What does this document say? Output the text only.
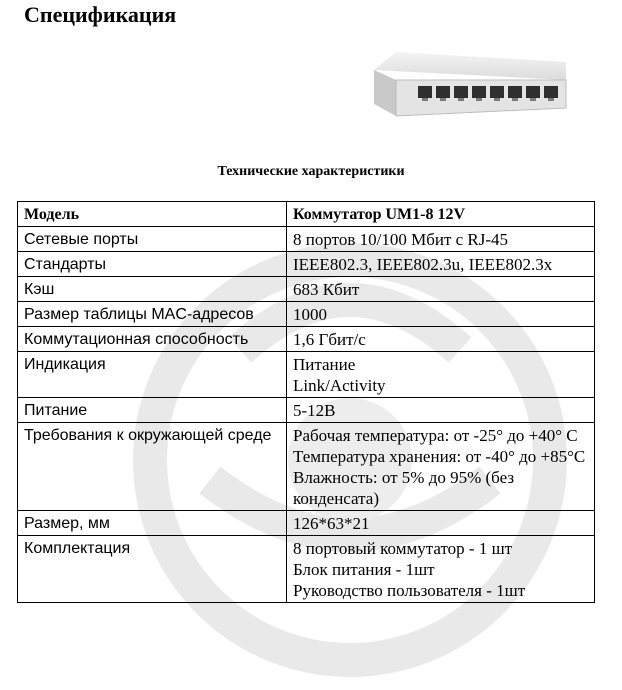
Спецификация
Технические характеристики
Модель	Коммутатор UM1-8 12V
Сетевые порты	8 портов 10/100 Мбит с RJ-45

Стандарты	IEEE802.3, IEEE802.3u, IEEE802.3x

Кэш	683 Кбит

Размер таблицы MAC-адресов	1000

Коммутационная способность	1,6 Гбит/с

Индикация	Питание
Link/Activity

Питание	5-12В

Требования к окружающей среде	Рабочая температура: от -25° до +40° С
Температура хранения: от -40° до +85°С
Влажность: от 5% до 95% (без конденсата)

Размер, мм	126*63*21

Комплектация	8 портовый коммутатор - 1 шт
Блок питания - 1шт
Руководство пользователя - 1шт
